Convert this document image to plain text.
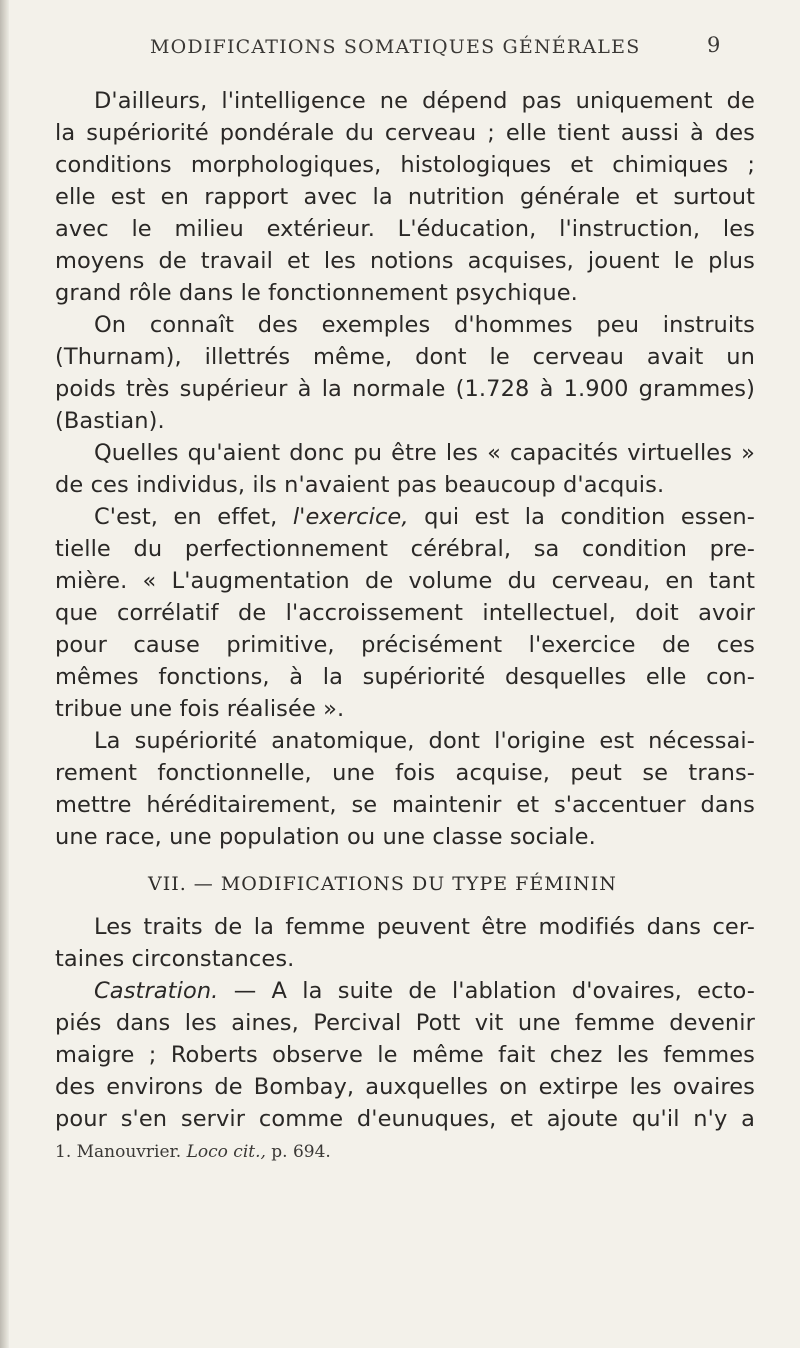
MODIFICATIONS SOMATIQUES GÉNÉRALES	9
D'ailleurs, l'intelligence ne dépend pas uniquement de
la supériorité pondérale du cerveau ; elle tient aussi à des
conditions morphologiques, histologiques et chimiques ;
elle est en rapport avec la nutrition générale et surtout
avec le milieu extérieur. L'éducation, l'instruction, les
moyens de travail et les notions acquises, jouent le plus
grand rôle dans le fonctionnement psychique.
On connaît des exemples d'hommes peu instruits
(Thurnam), illettrés même, dont le cerveau avait un
poids très supérieur à la normale (1.728 à 1.900 grammes)
(Bastian).
Quelles qu'aient donc pu être les « capacités virtuelles »
de ces individus, ils n'avaient pas beaucoup d'acquis.
C'est, en effet, l'exercice, qui est la condition essen-
tielle du perfectionnement cérébral, sa condition pre-
mière. « L'augmentation de volume du cerveau, en tant
que corrélatif de l'accroissement intellectuel, doit avoir
pour cause primitive, précisément l'exercice de ces
mêmes fonctions, à la supériorité desquelles elle con-
tribue une fois réalisée ».
La supériorité anatomique, dont l'origine est nécessai-
rement fonctionnelle, une fois acquise, peut se trans-
VII. — MODIFICATIONS DU TYPE FÉMININ
mettre héréditairement, se maintenir et s'accentuer dans
une race, une population ou une classe sociale.
Les traits de la femme peuvent être modifiés dans cer-
taines circonstances.
Castration. — A la suite de l'ablation d'ovaires, ecto-
piés dans les aines, Percival Pott vit une femme devenir
maigre ; Roberts observe le même fait chez les femmes
des environs de Bombay, auxquelles on extirpe les ovaires
pour s'en servir comme d'eunuques, et ajoute qu'il n'y a
1. Manouvrier. Loco cit., p. 694.
